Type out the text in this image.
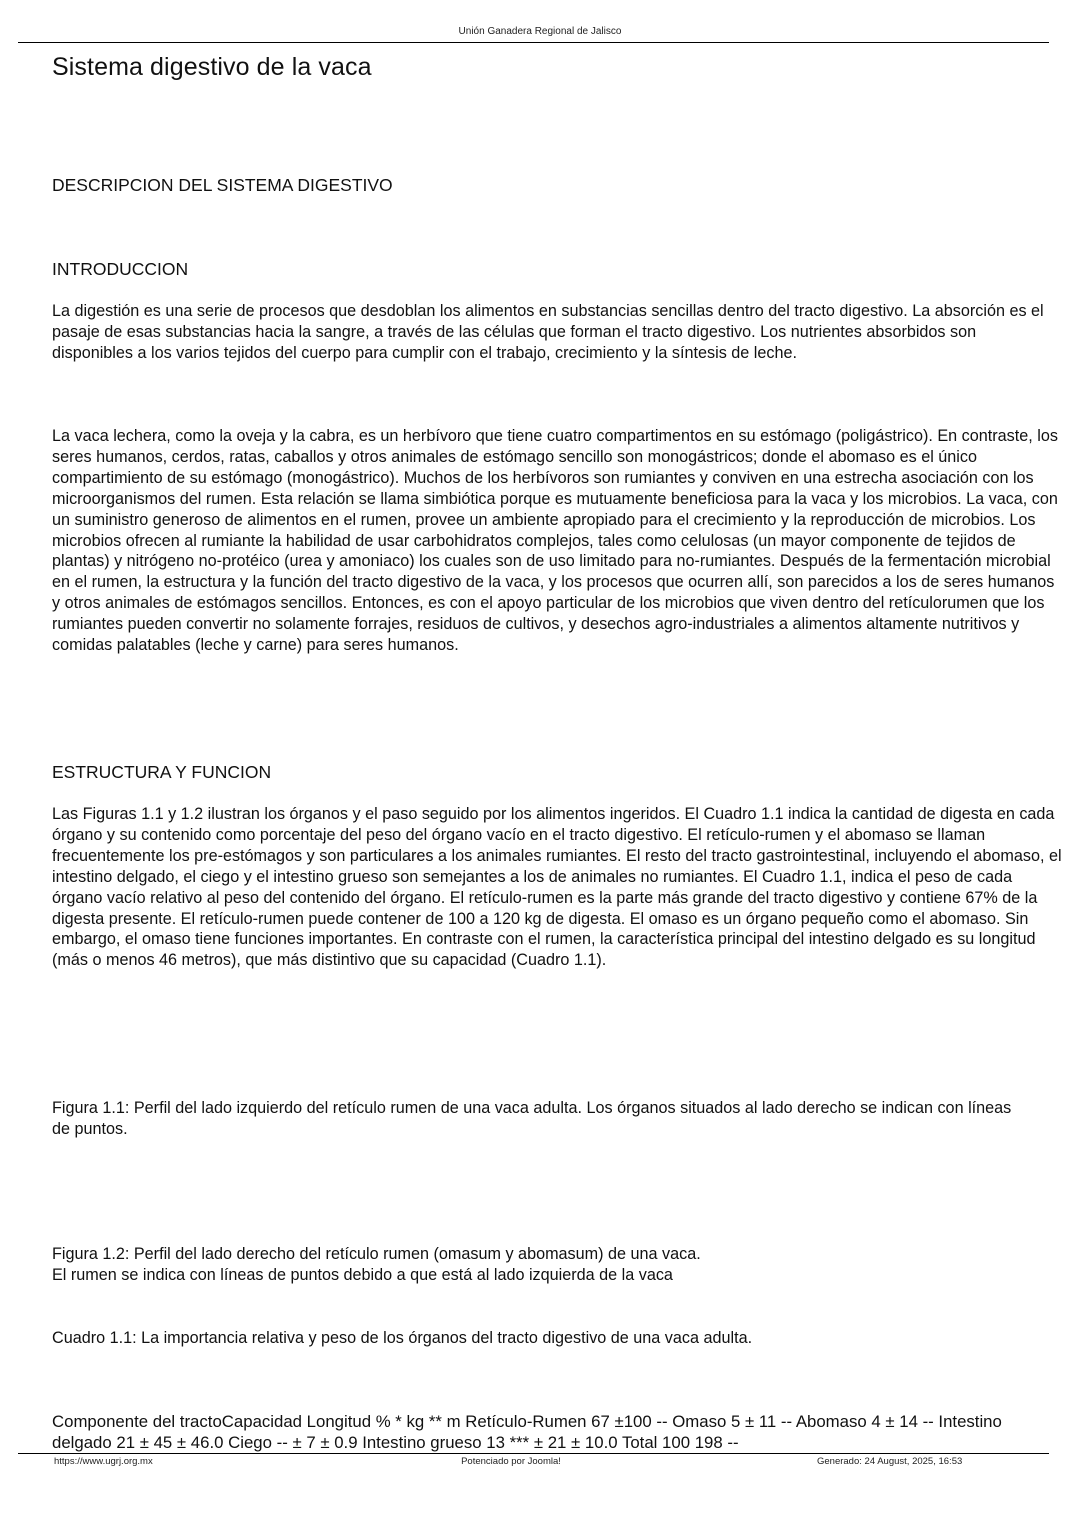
Unión Ganadera Regional de Jalisco
Sistema digestivo de la vaca
DESCRIPCION DEL SISTEMA DIGESTIVO
INTRODUCCION

La digestión es una serie de procesos que desdoblan los alimentos en substancias sencillas dentro del tracto digestivo. La absorción es el pasaje de esas substancias hacia la sangre, a través de las células que forman el tracto digestivo. Los nutrientes absorbidos son disponibles a los varios tejidos del cuerpo para cumplir con el trabajo, crecimiento y la síntesis de leche.

La vaca lechera, como la oveja y la cabra, es un herbívoro que tiene cuatro compartimentos en su estómago (poligástrico). En contraste, los seres humanos, cerdos, ratas, caballos y otros animales de estómago sencillo son monogástricos; donde el abomaso es el único compartimiento de su estómago (monogástrico). Muchos de los herbívoros son rumiantes y conviven en una estrecha asociación con los microorganismos del rumen. Esta relación se llama simbiótica porque es mutuamente beneficiosa para la vaca y los microbios. La vaca, con un suministro generoso de alimentos en el rumen, provee un ambiente apropiado para el crecimiento y la reproducción de microbios. Los microbios ofrecen al rumiante la habilidad de usar carbohidratos complejos, tales como celulosas (un mayor componente de tejidos de plantas) y nitrógeno no-protéico (urea y amoniaco) los cuales son de uso limitado para no-rumiantes. Después de la fermentación microbial en el rumen, la estructura y la función del tracto digestivo de la vaca, y los procesos que ocurren allí, son parecidos a los de seres humanos y otros animales de estómagos sencillos. Entonces, es con el apoyo particular de los microbios que viven dentro del retículorumen que los rumiantes pueden convertir no solamente forrajes, residuos de cultivos, y desechos agro-industriales a alimentos altamente nutritivos y comidas palatables (leche y carne) para seres humanos.

ESTRUCTURA Y FUNCION

Las Figuras 1.1 y 1.2 ilustran los órganos y el paso seguido por los alimentos ingeridos. El Cuadro 1.1 indica la cantidad de digesta en cada órgano y su contenido como porcentaje del peso del órgano vacío en el tracto digestivo. El retículo-rumen y el abomaso se llaman frecuentemente los pre-estómagos y son particulares a los animales rumiantes. El resto del tracto gastrointestinal, incluyendo el abomaso, el intestino delgado, el ciego y el intestino grueso son semejantes a los de animales no rumiantes. El Cuadro 1.1, indica el peso de cada órgano vacío relativo al peso del contenido del órgano. El retículo-rumen es la parte más grande del tracto digestivo y contiene 67% de la digesta presente. El retículo-rumen puede contener de 100 a 120 kg de digesta. El omaso es un órgano pequeño como el abomaso. Sin embargo, el omaso tiene funciones importantes. En contraste con el rumen, la característica principal del intestino delgado es su longitud (más o menos 46 metros), que más distintivo que su capacidad (Cuadro 1.1).

Figura 1.1: Perfil del lado izquierdo del retículo rumen de una vaca adulta. Los órganos situados al lado derecho se indican con líneas de puntos.

Figura 1.2: Perfil del lado derecho del retículo rumen (omasum y abomasum) de una vaca.

El rumen se indica con líneas de puntos debido a que está al lado izquierda de la vaca

Cuadro 1.1: La importancia relativa y peso de los órganos del tracto digestivo de una vaca adulta.

Componente del tractoCapacidad Longitud % * kg ** m Retículo-Rumen 67 ±100 -- Omaso 5 ± 11 -- Abomaso 4 ± 14 -- Intestino

delgado 21 ± 45 ± 46.0 Ciego -- ± 7 ± 0.9 Intestino grueso 13 *** ± 21 ± 10.0 Total 100 198 --

https://www.ugrj.org.mx	Potenciado por Joomla!	Generado: 24 August, 2025, 16:53
